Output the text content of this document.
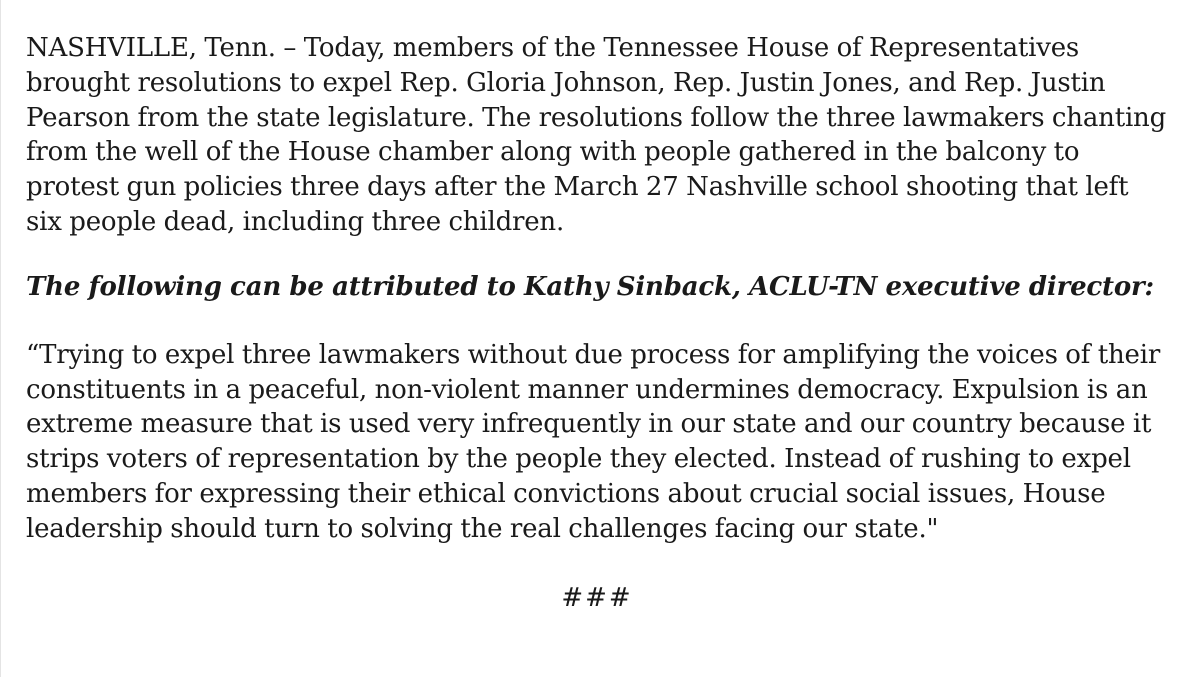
NASHVILLE, Tenn. – Today, members of the Tennessee House of Representatives brought resolutions to expel Rep. Gloria Johnson, Rep. Justin Jones, and Rep. Justin Pearson from the state legislature. The resolutions follow the three lawmakers chanting from the well of the House chamber along with people gathered in the balcony to protest gun policies three days after the March 27 Nashville school shooting that left six people dead, including three children.

The following can be attributed to Kathy Sinback, ACLU-TN executive director:

“Trying to expel three lawmakers without due process for amplifying the voices of their constituents in a peaceful, non-violent manner undermines democracy. Expulsion is an extreme measure that is used very infrequently in our state and our country because it strips voters of representation by the people they elected. Instead of rushing to expel members for expressing their ethical convictions about crucial social issues, House leadership should turn to solving the real challenges facing our state."

###
